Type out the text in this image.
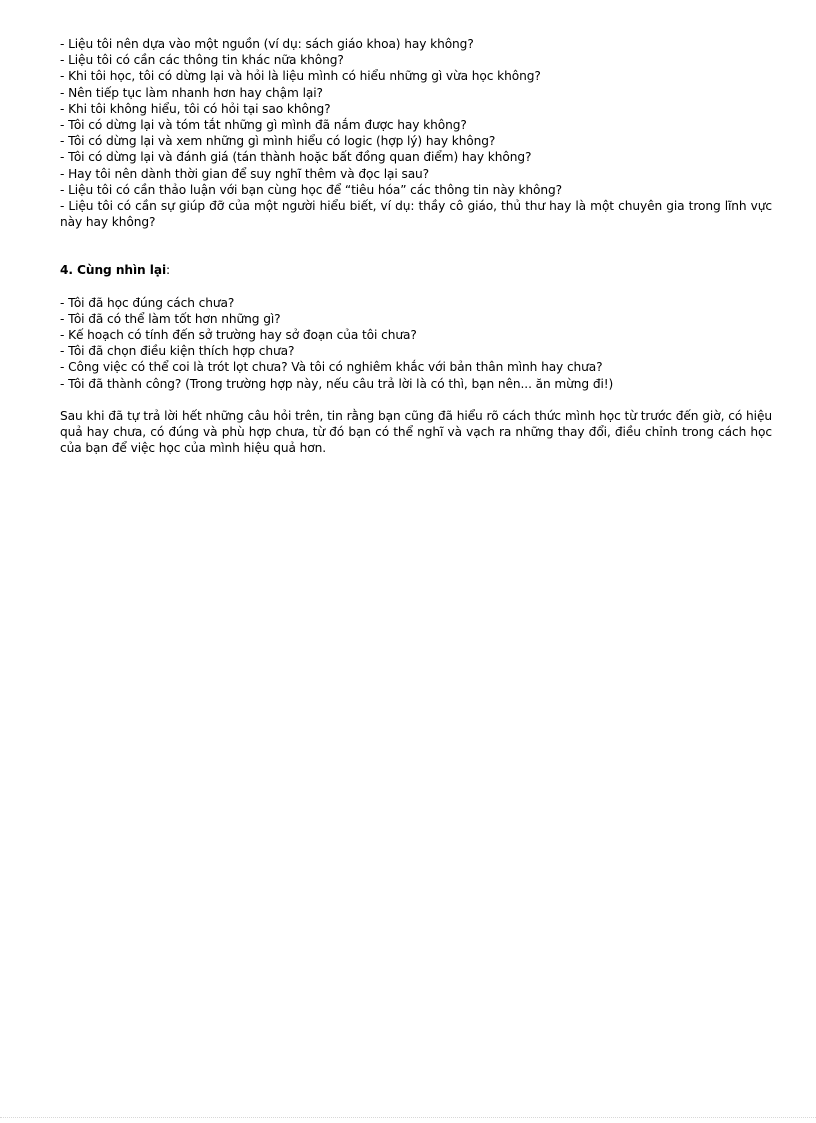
- Liệu tôi nên dựa vào một nguồn (ví dụ: sách giáo khoa) hay không?
- Liệu tôi có cần các thông tin khác nữa không?
- Khi tôi học, tôi có dừng lại và hỏi là liệu mình có hiểu những gì vừa học không?
- Nên tiếp tục làm nhanh hơn hay chậm lại?
- Khi tôi không hiểu, tôi có hỏi tại sao không?
- Tôi có dừng lại và tóm tắt những gì mình đã nắm được hay không?
- Tôi có dừng lại và xem những gì mình hiểu có logic (hợp lý) hay không?
- Tôi có dừng lại và đánh giá (tán thành hoặc bất đồng quan điểm) hay không?
- Hay tôi nên dành thời gian để suy nghĩ thêm và đọc lại sau?
- Liệu tôi có cần thảo luận với bạn cùng học để “tiêu hóa” các thông tin này không?
- Liệu tôi có cần sự giúp đỡ của một người hiểu biết, ví dụ: thầy cô giáo, thủ thư hay là một chuyên gia trong lĩnh vực này hay không?
4. Cùng nhìn lại:
- Tôi đã học đúng cách chưa?
- Tôi đã có thể làm tốt hơn những gì?
- Kế hoạch có tính đến sở trường hay sở đoạn của tôi chưa?
- Tôi đã chọn điều kiện thích hợp chưa?
- Công việc có thể coi là trót lọt chưa? Và tôi có nghiêm khắc với bản thân mình hay chưa?
- Tôi đã thành công? (Trong trường hợp này, nếu câu trả lời là có thì, bạn nên... ăn mừng đi!)
Sau khi đã tự trả lời hết những câu hỏi trên, tin rằng bạn cũng đã hiểu rõ cách thức mình học từ trước đến giờ, có hiệu quả hay chưa, có đúng và phù hợp chưa, từ đó bạn có thể nghĩ và vạch ra những thay đổi, điều chỉnh trong cách học của bạn để việc học của mình hiệu quả hơn.
